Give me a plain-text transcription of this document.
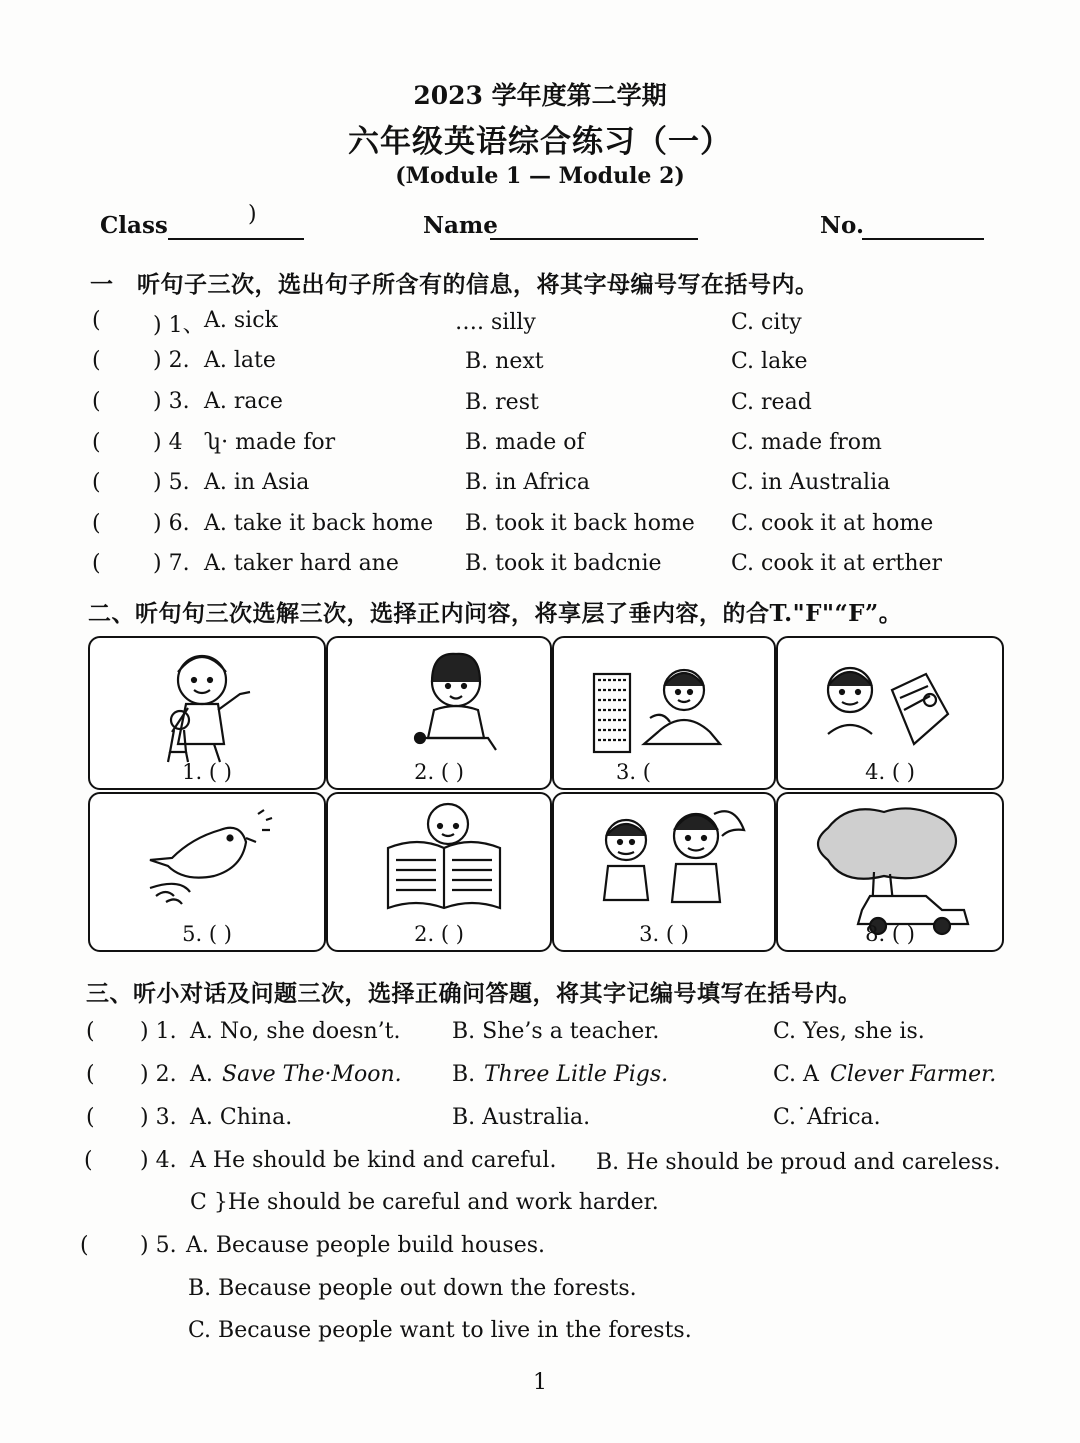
2023 学年度第二学期
六年级英语综合练习（一）
(Module 1 — Module 2)
Class	)	Name	No.
一　听句子三次，选出句子所含有的信息，将其字母编号写在括号内。
( ) 1、 A. sick	…. silly	C. city
( ) 2. A. late	B. next	C. lake
( ) 3. A. race	B. rest	C. read
( ) 4 ʮ· made for	B. made of	C. made from
( ) 5. A. in Asia	B. in Africa	C. in Australia
( ) 6. A. take it back home B. took it back home C. cook it at home
( ) 7. A. taker hard ane	B. took it badcnie	C. cook it at erther
二、听句句三次选解三次，选择正内问容，将享层了垂内容，的合T."F"“F”。
1. ( )	2. ( )	3. (	4. ( )
5. ( )	2. ( )	3. ( )	8. ( )
三、听小对话及问题三次，选择正确问答題，将其字记编号填写在括号内。
( ) 1. A. No, she doesn’t. B. She’s a teacher.	C. Yes, she is.
( ) 2. A. Save The·Moon. B. Three Litle Pigs.	C. A Clever Farmer.
( ) 3. A. China.	B. Australia.	C.˙Africa.
( ) 4. A He should be kind and careful. B. He should be proud and careless.
C }He should be careful and work harder.
( ) 5. A. Because people build houses.
B. Because people out down the forests.
C. Because people want to live in the forests.
1
